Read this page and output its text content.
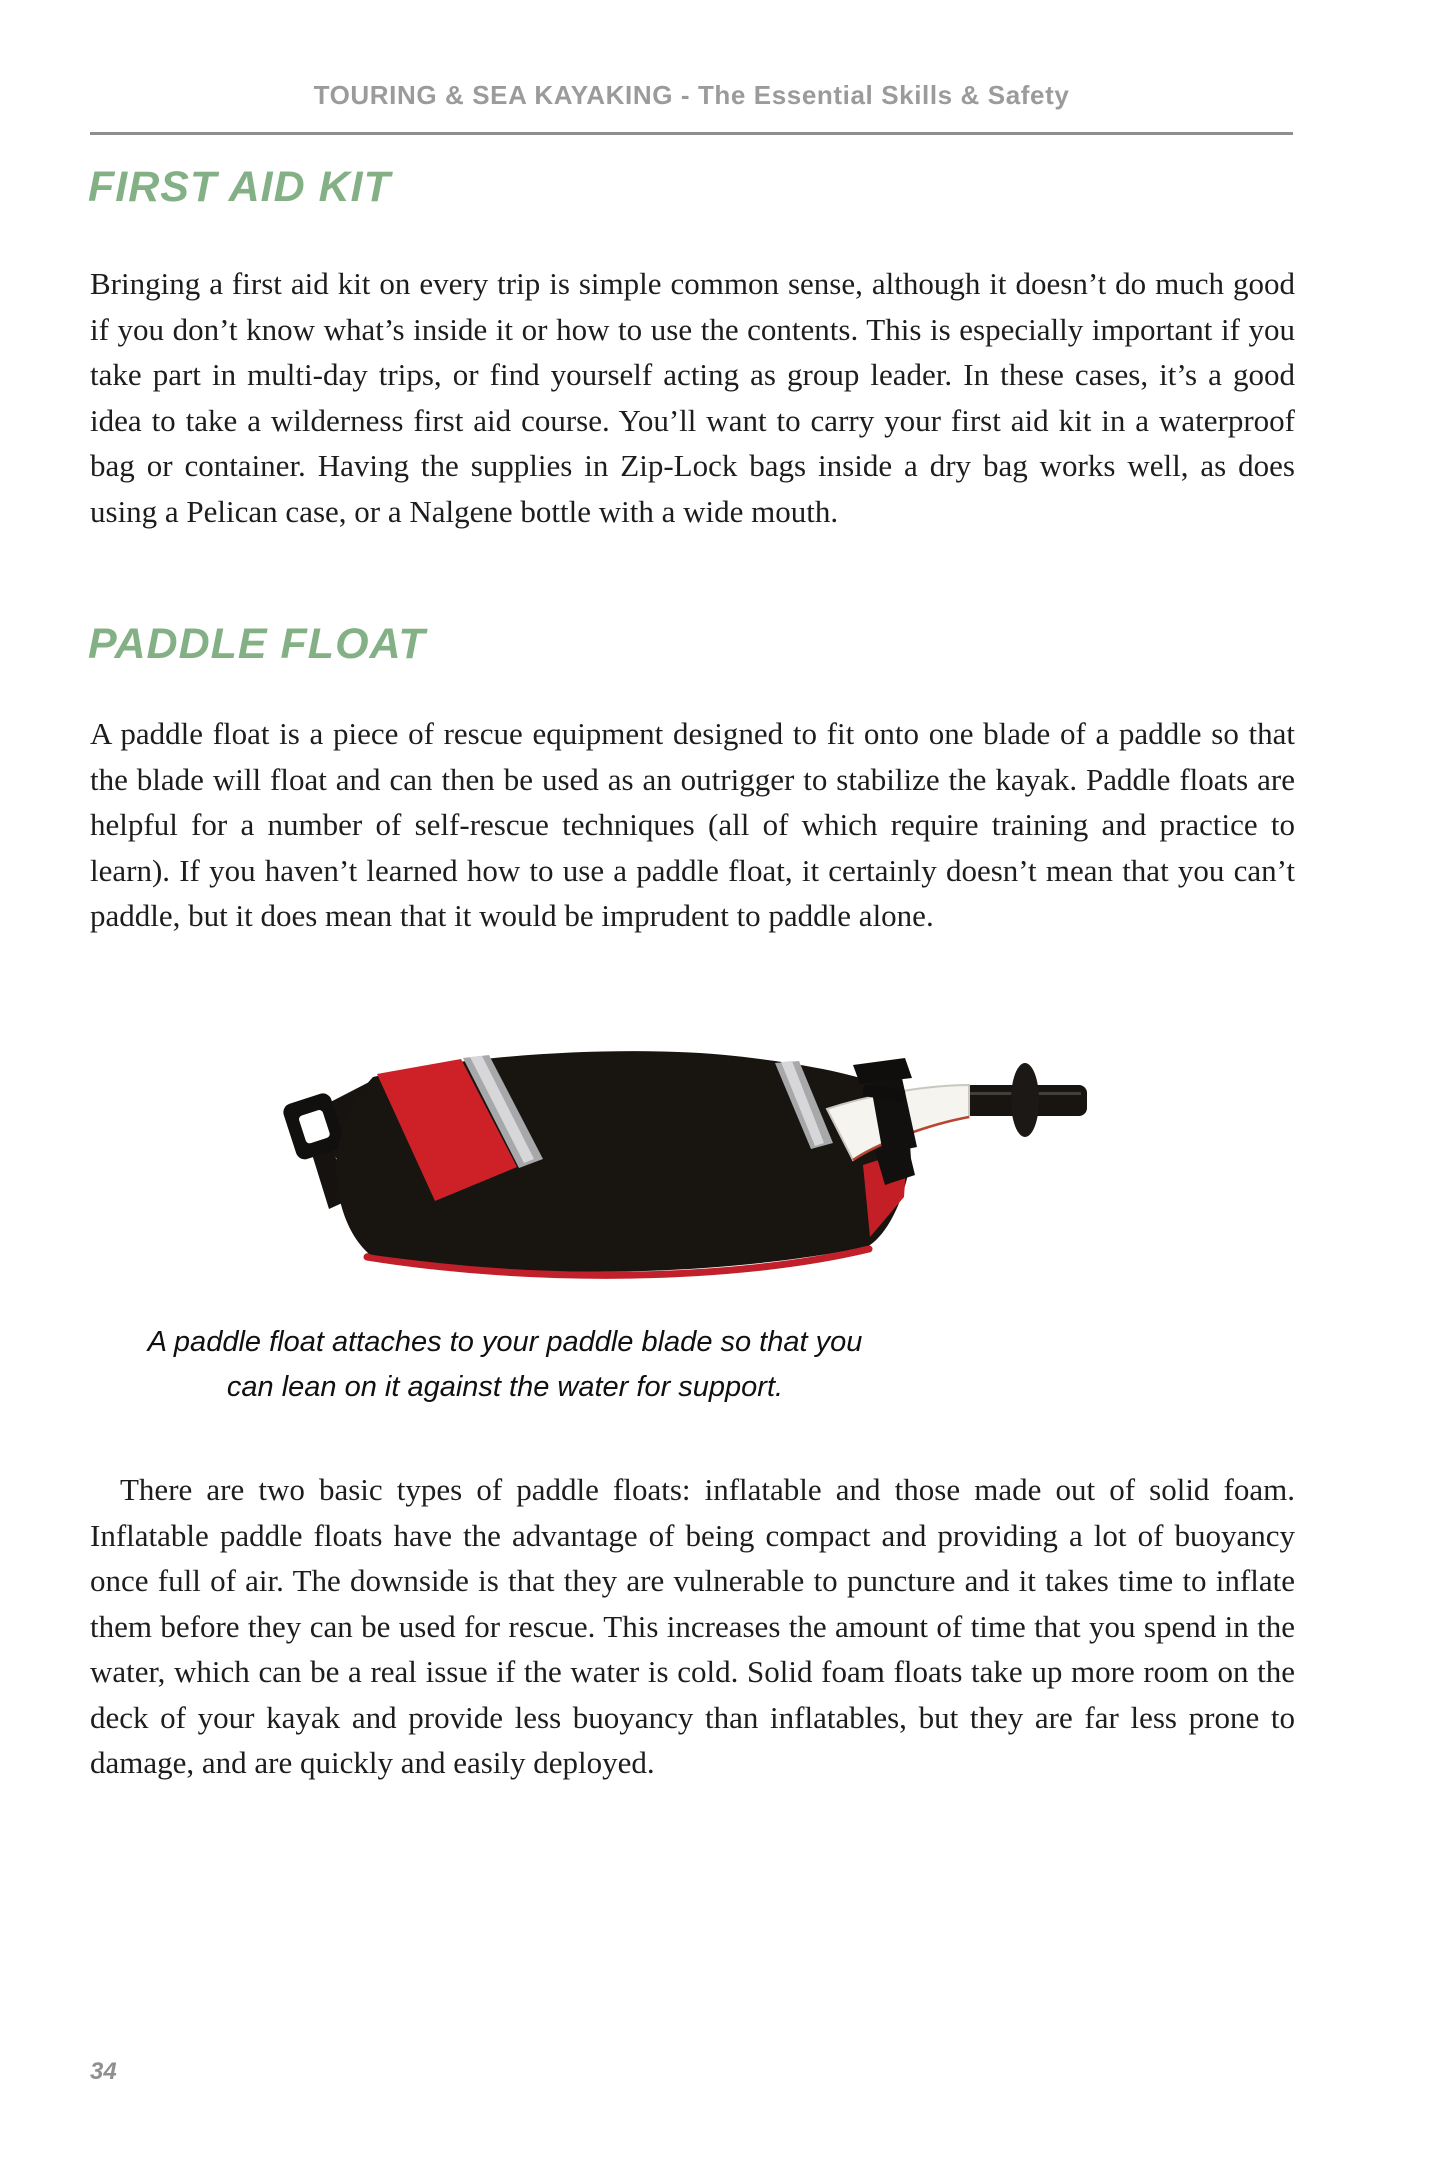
TOURING & SEA KAYAKING - The Essential Skills & Safety
FIRST AID KIT
Bringing a first aid kit on every trip is simple common sense, although it doesn’t do much good if you don’t know what’s inside it or how to use the contents. This is especially important if you take part in multi-day trips, or find yourself acting as group leader. In these cases, it’s a good idea to take a wilderness first aid course. You’ll want to carry your first aid kit in a waterproof bag or container. Having the supplies in Zip-Lock bags inside a dry bag works well, as does using a Pelican case, or a Nalgene bottle with a wide mouth.
PADDLE FLOAT
A paddle float is a piece of rescue equipment designed to fit onto one blade of a paddle so that the blade will float and can then be used as an outrigger to stabilize the kayak. Paddle floats are helpful for a number of self-rescue techniques (all of which require training and practice to learn). If you haven’t learned how to use a paddle float, it certainly doesn’t mean that you can’t paddle, but it does mean that it would be imprudent to paddle alone.
A paddle float attaches to your paddle blade so that you
can lean on it against the water for support.
There are two basic types of paddle floats: inflatable and those made out of solid foam. Inflatable paddle floats have the advantage of being compact and providing a lot of buoyancy once full of air. The downside is that they are vulnerable to puncture and it takes time to inflate them before they can be used for rescue. This increases the amount of time that you spend in the water, which can be a real issue if the water is cold. Solid foam floats take up more room on the deck of your kayak and provide less buoyancy than inflatables, but they are far less prone to damage, and are quickly and easily deployed.
34
